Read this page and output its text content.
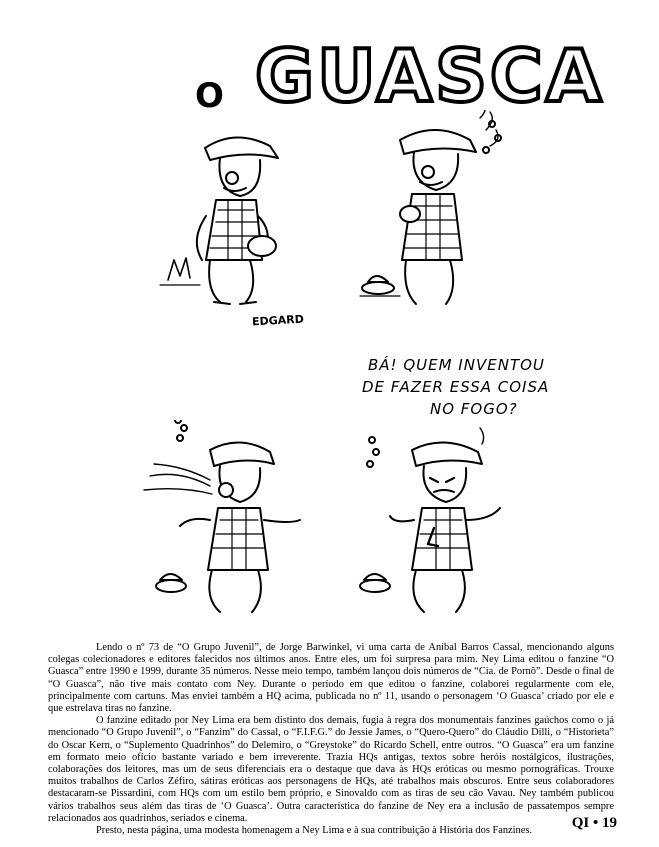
O GUASCA
EDGARD
BÁ! QUEM INVENTOU
DE FAZER ESSA COISA
NO FOGO?

Lendo o nº 73 de “O Grupo Juvenil”, de Jorge Barwinkel, vi uma carta de Aníbal Barros Cassal, mencionando alguns colegas colecionadores e editores falecidos nos últimos anos. Entre eles, um foi surpresa para mim. Ney Lima editou o fanzine “O Guasca” entre 1990 e 1999, durante 35 números. Nesse meio tempo, também lançou dois números de “Cia. de Pornô”. Desde o final de “O Guasca”, não tive mais contato com Ney. Durante o período em que editou o fanzine, colaborei regularmente com ele, principalmente com cartuns. Mas enviei também a HQ acima, publicada no nº 11, usando o personagem ‘O Guasca’ criado por ele e que estrelava tiras no fanzine.

O fanzine editado por Ney Lima era bem distinto dos demais, fugia à regra dos monumentais fanzines gaúchos como o já mencionado “O Grupo Juvenil”, o “Fanzim” do Cassal, o “F.I.F.G.” do Jessie James, o “Quero-Quero” do Cláudio Dilli, o “Historieta” do Oscar Kern, o “Suplemento Quadrinhos” do Delemiro, o “Greystoke” do Ricardo Schell, entre outros. “O Guasca” era um fanzine em formato meio ofício bastante variado e bem irreverente. Trazia HQs antigas, textos sobre heróis nostálgicos, ilustrações, colaborações dos leitores, mas um de seus diferenciais era o destaque que dava às HQs eróticas ou mesmo pornográficas. Trouxe muitos trabalhos de Carlos Zéfiro, sátiras eróticas aos personagens de HQs, até trabalhos mais obscuros. Entre seus colaboradores destacaram-se Pissardini, com HQs com um estilo bem próprio, e Sinovaldo com as tiras de seu cão Vavau. Ney também publicou vários trabalhos seus além das tiras de ‘O Guasca’. Outra característica do fanzine de Ney era a inclusão de passatempos sempre relacionados aos quadrinhos, seriados e cinema.

Presto, nesta página, uma modesta homenagem a Ney Lima e à sua contribuição à História dos Fanzines.	QI • 19
